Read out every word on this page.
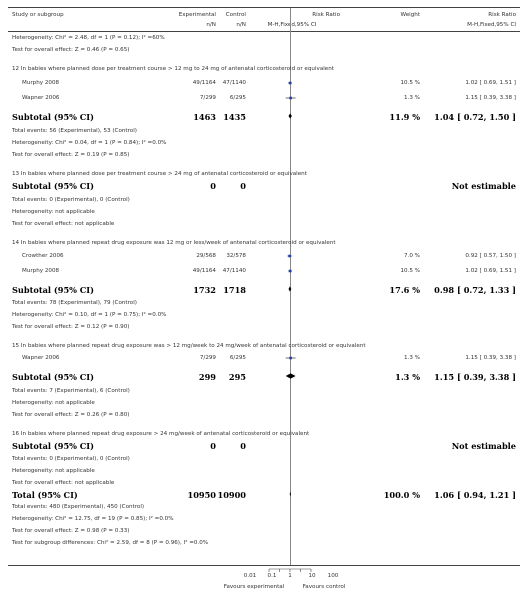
Study or subgroup	Experimental	Control	Risk Ratio	Weight	Risk Ratio
n/N	n/N	M-H,Fixed,95% CI	M-H,Fixed,95% CI
Heterogeneity: Chi² = 2.48, df = 1 (P = 0.12); I² =60%
Test for overall effect: Z = 0.46 (P = 0.65)
12 In babies where planned dose per treatment course > 12 mg to 24 mg of antenatal corticosteroid or equivalent
Murphy 2008	49/1164	47/1140	10.5 %	1.02 [ 0.69, 1.51 ]
Wapner 2006	7/299	6/295	1.3 %	1.15 [ 0.39, 3.38 ]
Subtotal (95% CI)	1463 1435	11.9 %	1.04 [ 0.72, 1.50 ]
Total events: 56 (Experimental), 53 (Control)
Heterogeneity: Chi² = 0.04, df = 1 (P = 0.84); I² =0.0%
Test for overall effect: Z = 0.19 (P = 0.85)
13 In babies where planned dose per treatment course > 24 mg of antenatal corticosteroid or equivalent
Subtotal (95% CI)	0	0	Not estimable
Total events: 0 (Experimental), 0 (Control)
Heterogeneity: not applicable
Test for overall effect: not applicable
14 In babies where planned repeat drug exposure was 12 mg or less/week of antenatal corticosteroid or equivalent
Crowther 2006	29/568	32/578	7.0 %	0.92 [ 0.57, 1.50 ]
Murphy 2008	49/1164	47/1140	10.5 %	1.02 [ 0.69, 1.51 ]
Subtotal (95% CI)	1732 1718	17.6 %	0.98 [ 0.72, 1.33 ]
Total events: 78 (Experimental), 79 (Control)
Heterogeneity: Chi² = 0.10, df = 1 (P = 0.75); I² =0.0%
Test for overall effect: Z = 0.12 (P = 0.90)
15 In babies where planned repeat drug exposure was > 12 mg/week to 24 mg/week of antenatal corticosteroid or equivalent
Wapner 2006	7/299	6/295	1.3 %	1.15 [ 0.39, 3.38 ]
Subtotal (95% CI)	299	295	1.3 %	1.15 [ 0.39, 3.38 ]
Total events: 7 (Experimental), 6 (Control)
Heterogeneity: not applicable
Test for overall effect: Z = 0.26 (P = 0.80)
16 In babies where planned repeat drug exposure > 24 mg/week of antenatal corticosteroid or equivalent
Subtotal (95% CI)	0	0	Not estimable
Total events: 0 (Experimental), 0 (Control)
Heterogeneity: not applicable
Test for overall effect: not applicable
Total (95% CI)	10950 10900	100.0 %	1.06 [ 0.94, 1.21 ]
Total events: 480 (Experimental), 450 (Control)
Heterogeneity: Chi² = 12.75, df = 19 (P = 0.85); I² =0.0%
Test for overall effect: Z = 0.98 (P = 0.33)
Test for subgroup differences: Chi² = 2.59, df = 8 (P = 0.96), I² =0.0%
0.01	0.1	1	10	100
Favours experimental	Favours control
